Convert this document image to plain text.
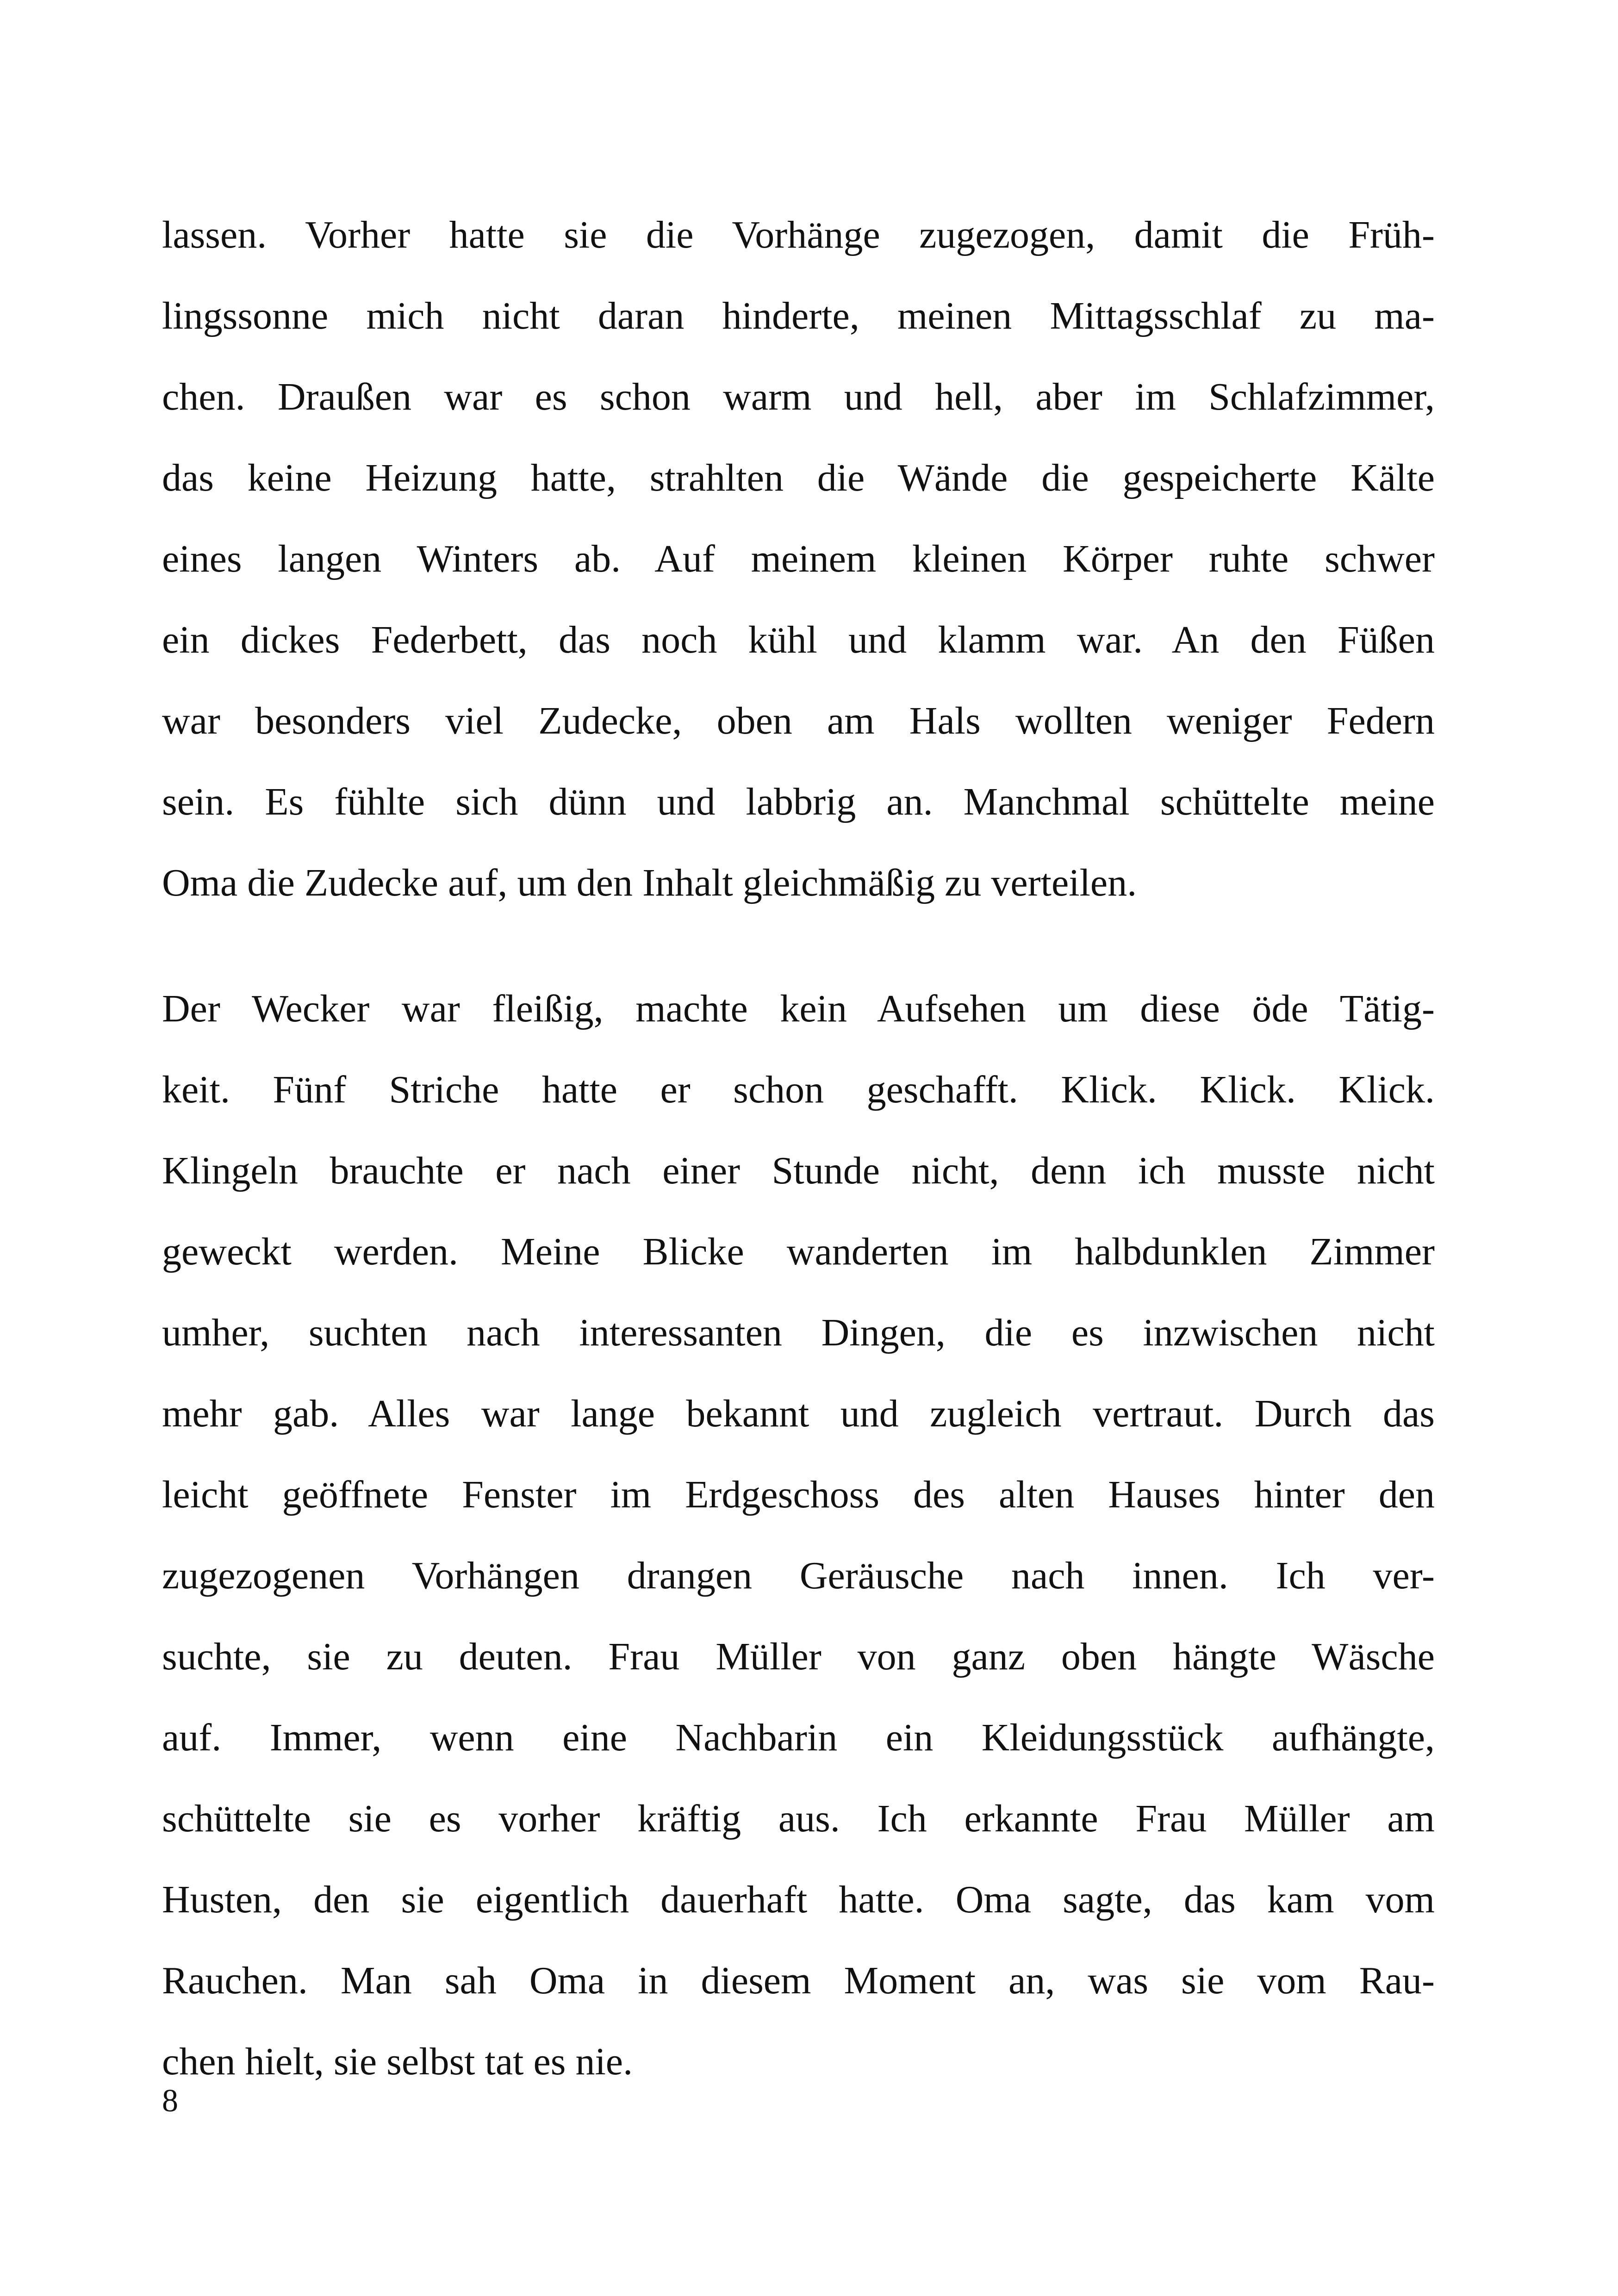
lassen. Vorher hatte sie die Vorhänge zugezogen, damit die Früh-
lingssonne mich nicht daran hinderte, meinen Mittagsschlaf zu ma-
chen. Draußen war es schon warm und hell, aber im Schlafzimmer,
das keine Heizung hatte, strahlten die Wände die gespeicherte Kälte
eines langen Winters ab. Auf meinem kleinen Körper ruhte schwer
ein dickes Federbett, das noch kühl und klamm war. An den Füßen
war besonders viel Zudecke, oben am Hals wollten weniger Federn
sein. Es fühlte sich dünn und labbrig an. Manchmal schüttelte meine
Oma die Zudecke auf, um den Inhalt gleichmäßig zu verteilen.
Der Wecker war fleißig, machte kein Aufsehen um diese öde Tätig-
keit. Fünf Striche hatte er schon geschafft. Klick. Klick. Klick.
Klingeln brauchte er nach einer Stunde nicht, denn ich musste nicht
geweckt werden. Meine Blicke wanderten im halbdunklen Zimmer
umher, suchten nach interessanten Dingen, die es inzwischen nicht
mehr gab. Alles war lange bekannt und zugleich vertraut. Durch das
leicht geöffnete Fenster im Erdgeschoss des alten Hauses hinter den
zugezogenen Vorhängen drangen Geräusche nach innen. Ich ver-
suchte, sie zu deuten. Frau Müller von ganz oben hängte Wäsche
auf. Immer, wenn eine Nachbarin ein Kleidungsstück aufhängte,
schüttelte sie es vorher kräftig aus. Ich erkannte Frau Müller am
Husten, den sie eigentlich dauerhaft hatte. Oma sagte, das kam vom
Rauchen. Man sah Oma in diesem Moment an, was sie vom Rau-
chen hielt, sie selbst tat es nie.
8
